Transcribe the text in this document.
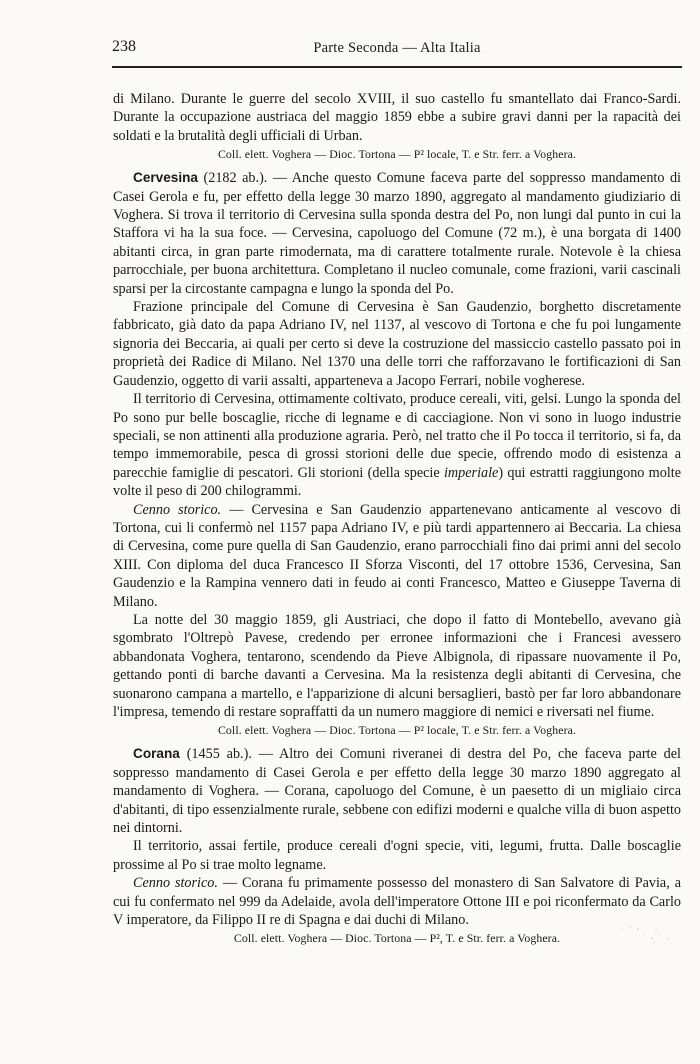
238	Parte Seconda — Alta Italia

di Milano. Durante le guerre del secolo XVIII, il suo castello fu smantellato dai Franco-Sardi. Durante la occupazione austriaca del maggio 1859 ebbe a subire gravi danni per la rapacità dei soldati e la brutalità degli ufficiali di Urban.

Coll. elett. Voghera — Dioc. Tortona — P² locale, T. e Str. ferr. a Voghera.

Cervesina (2182 ab.). — Anche questo Comune faceva parte del soppresso mandamento di Casei Gerola e fu, per effetto della legge 30 marzo 1890, aggregato al mandamento giudiziario di Voghera. Si trova il territorio di Cervesina sulla sponda destra del Po, non lungi dal punto in cui la Staffora vi ha la sua foce. — Cervesina, capoluogo del Comune (72 m.), è una borgata di 1400 abitanti circa, in gran parte rimodernata, ma di carattere totalmente rurale. Notevole è la chiesa parrocchiale, per buona architettura. Completano il nucleo comunale, come frazioni, varii cascinali sparsi per la circostante campagna e lungo la sponda del Po.

Frazione principale del Comune di Cervesina è San Gaudenzio, borghetto discretamente fabbricato, già dato da papa Adriano IV, nel 1137, al vescovo di Tortona e che fu poi lungamente signoria dei Beccaria, ai quali per certo si deve la costruzione del massiccio castello passato poi in proprietà dei Radice di Milano. Nel 1370 una delle torri che rafforzavano le fortificazioni di San Gaudenzio, oggetto di varii assalti, apparteneva a Jacopo Ferrari, nobile vogherese.

Il territorio di Cervesina, ottimamente coltivato, produce cereali, viti, gelsi. Lungo la sponda del Po sono pur belle boscaglie, ricche di legname e di cacciagione. Non vi sono in luogo industrie speciali, se non attinenti alla produzione agraria. Però, nel tratto che il Po tocca il territorio, si fa, da tempo immemorabile, pesca di grossi storioni delle due specie, offrendo modo di esistenza a parecchie famiglie di pescatori. Gli storioni (della specie imperiale) qui estratti raggiungono molte volte il peso di 200 chilogrammi.

Cenno storico. — Cervesina e San Gaudenzio appartenevano anticamente al vescovo di Tortona, cui li confermò nel 1157 papa Adriano IV, e più tardi appartennero ai Beccaria. La chiesa di Cervesina, come pure quella di San Gaudenzio, erano parrocchiali fino dai primi anni del secolo XIII. Con diploma del duca Francesco II Sforza Visconti, del 17 ottobre 1536, Cervesina, San Gaudenzio e la Rampina vennero dati in feudo ai conti Francesco, Matteo e Giuseppe Taverna di Milano.

La notte del 30 maggio 1859, gli Austriaci, che dopo il fatto di Montebello, avevano già sgombrato l'Oltrepò Pavese, credendo per erronee informazioni che i Francesi avessero abbandonata Voghera, tentarono, scendendo da Pieve Albignola, di ripassare nuovamente il Po, gettando ponti di barche davanti a Cervesina. Ma la resistenza degli abitanti di Cervesina, che suonarono campana a martello, e l'apparizione di alcuni bersaglieri, bastò per far loro abbandonare l'impresa, temendo di restare sopraffatti da un numero maggiore di nemici e riversati nel fiume.

Coll. elett. Voghera — Dioc. Tortona — P² locale, T. e Str. ferr. a Voghera.

Corana (1455 ab.). — Altro dei Comuni riveranei di destra del Po, che faceva parte del soppresso mandamento di Casei Gerola e per effetto della legge 30 marzo 1890 aggregato al mandamento di Voghera. — Corana, capoluogo del Comune, è un paesetto di un migliaio circa d'abitanti, di tipo essenzialmente rurale, sebbene con edifizi moderni e qualche villa di buon aspetto nei dintorni.

Il territorio, assai fertile, produce cereali d'ogni specie, viti, legumi, frutta. Dalle boscaglie prossime al Po si trae molto legname.

Cenno storico. — Corana fu primamente possesso del monastero di San Salvatore di Pavia, a cui fu confermato nel 999 da Adelaide, avola dell'imperatore Ottone III e poi riconfermato da Carlo V imperatore, da Filippo II re di Spagna e dai duchi di Milano.

Coll. elett. Voghera — Dioc. Tortona — P², T. e Str. ferr. a Voghera.
